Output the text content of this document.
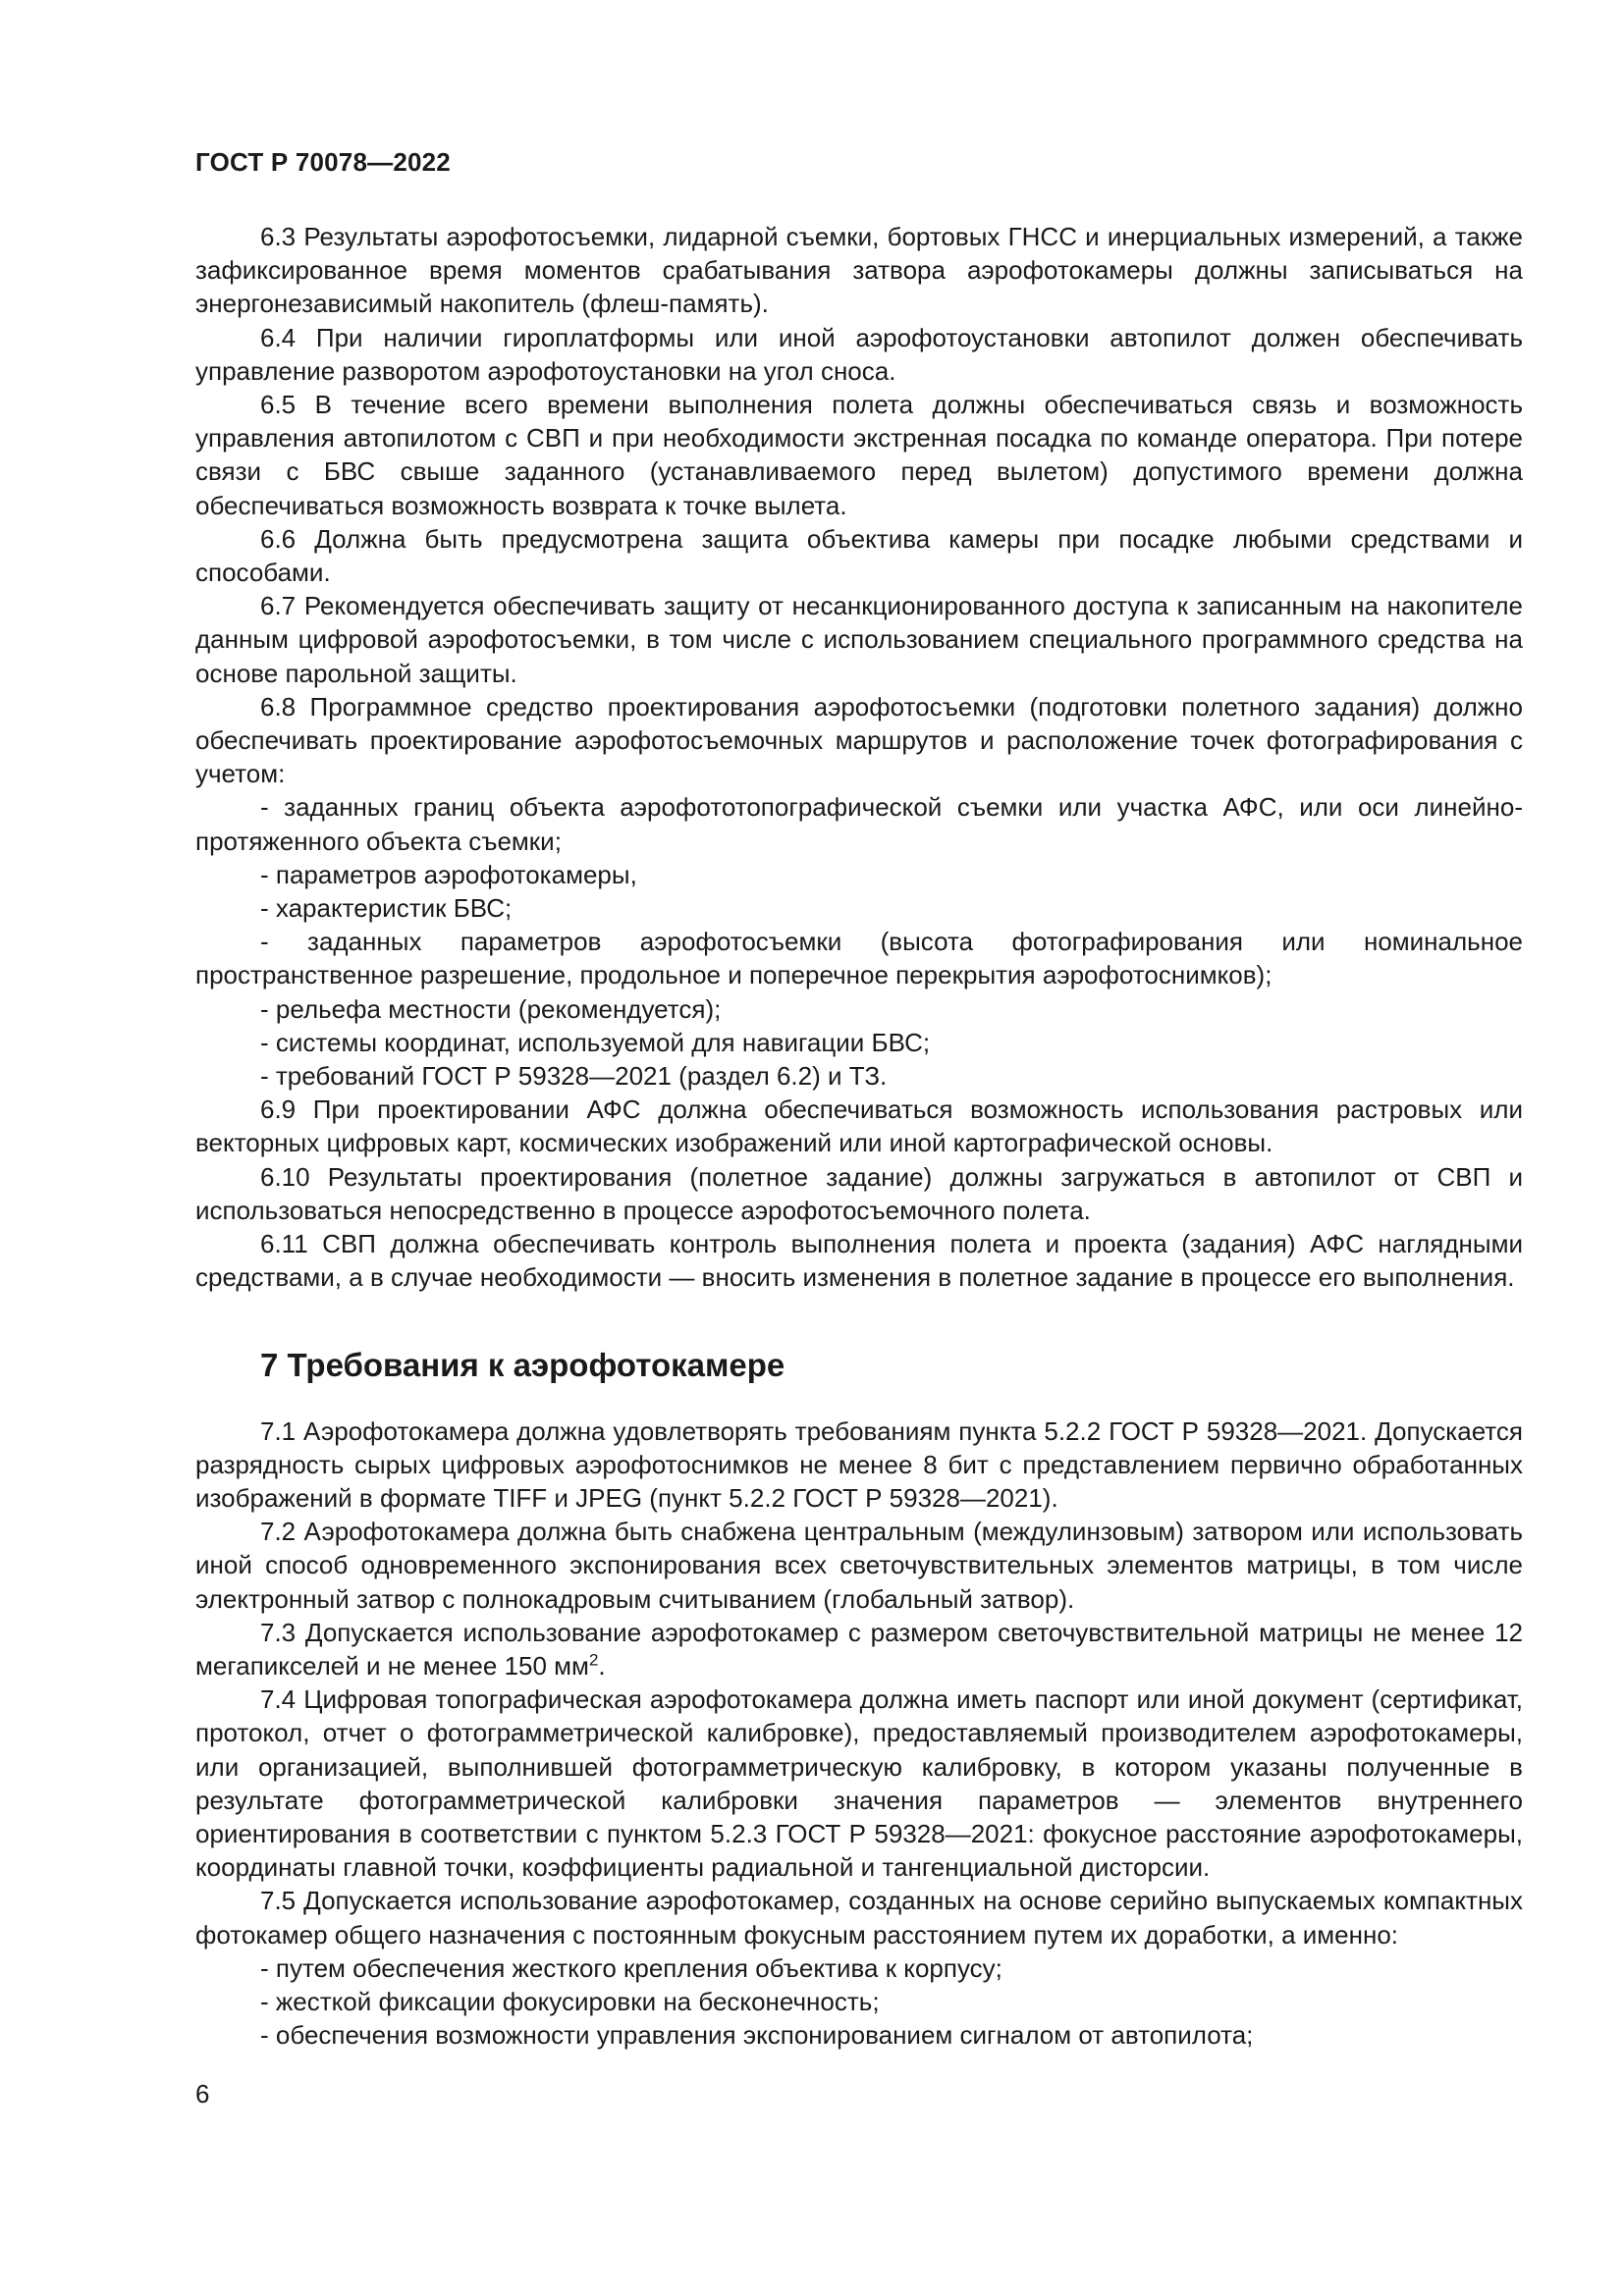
ГОСТ Р 70078—2022

6.3 Результаты аэрофотосъемки, лидарной съемки, бортовых ГНСС и инерциальных измерений, а также зафиксированное время моментов срабатывания затвора аэрофотокамеры должны записываться на энергонезависимый накопитель (флеш-память).

6.4 При наличии гироплатформы или иной аэрофотоустановки автопилот должен обеспечивать управление разворотом аэрофотоустановки на угол сноса.

6.5 В течение всего времени выполнения полета должны обеспечиваться связь и возможность управления автопилотом с СВП и при необходимости экстренная посадка по команде оператора. При потере связи с БВС свыше заданного (устанавливаемого перед вылетом) допустимого времени должна обеспечиваться возможность возврата к точке вылета.

6.6 Должна быть предусмотрена защита объектива камеры при посадке любыми средствами и способами.

6.7 Рекомендуется обеспечивать защиту от несанкционированного доступа к записанным на накопителе данным цифровой аэрофотосъемки, в том числе с использованием специального программного средства на основе парольной защиты.

6.8 Программное средство проектирования аэрофотосъемки (подготовки полетного задания) должно обеспечивать проектирование аэрофотосъемочных маршрутов и расположение точек фотографирования с учетом:

- заданных границ объекта аэрофототопографической съемки или участка АФС, или оси линейно-протяженного объекта съемки;

- параметров аэрофотокамеры,

- характеристик БВС;

- заданных параметров аэрофотосъемки (высота фотографирования или номинальное пространственное разрешение, продольное и поперечное перекрытия аэрофотоснимков);

- рельефа местности (рекомендуется);

- системы координат, используемой для навигации БВС;

- требований ГОСТ Р 59328—2021 (раздел 6.2) и ТЗ.

6.9 При проектировании АФС должна обеспечиваться возможность использования растровых или векторных цифровых карт, космических изображений или иной картографической основы.

6.10 Результаты проектирования (полетное задание) должны загружаться в автопилот от СВП и использоваться непосредственно в процессе аэрофотосъемочного полета.

6.11 СВП должна обеспечивать контроль выполнения полета и проекта (задания) АФС наглядными средствами, а в случае необходимости — вносить изменения в полетное задание в процессе его выполнения.

7 Требования к аэрофотокамере

7.1 Аэрофотокамера должна удовлетворять требованиям пункта 5.2.2 ГОСТ Р 59328—2021. Допускается разрядность сырых цифровых аэрофотоснимков не менее 8 бит с представлением первично обработанных изображений в формате TIFF и JPEG (пункт 5.2.2 ГОСТ Р 59328—2021).

7.2 Аэрофотокамера должна быть снабжена центральным (междулинзовым) затвором или использовать иной способ одновременного экспонирования всех светочувствительных элементов матрицы, в том числе электронный затвор с полнокадровым считыванием (глобальный затвор).

7.3 Допускается использование аэрофотокамер с размером светочувствительной матрицы не менее 12 мегапикселей и не менее 150 $мм^2$.

7.4 Цифровая топографическая аэрофотокамера должна иметь паспорт или иной документ (сертификат, протокол, отчет о фотограмметрической калибровке), предоставляемый производителем аэрофотокамеры, или организацией, выполнившей фотограмметрическую калибровку, в котором указаны полученные в результате фотограмметрической калибровки значения параметров — элементов внутреннего ориентирования в соответствии с пунктом 5.2.3 ГОСТ Р 59328—2021: фокусное расстояние аэрофотокамеры, координаты главной точки, коэффициенты радиальной и тангенциальной дисторсии.

7.5 Допускается использование аэрофотокамер, созданных на основе серийно выпускаемых компактных фотокамер общего назначения с постоянным фокусным расстоянием путем их доработки, а именно:

- путем обеспечения жесткого крепления объектива к корпусу;

- жесткой фиксации фокусировки на бесконечность;

- обеспечения возможности управления экспонированием сигналом от автопилота;

6
